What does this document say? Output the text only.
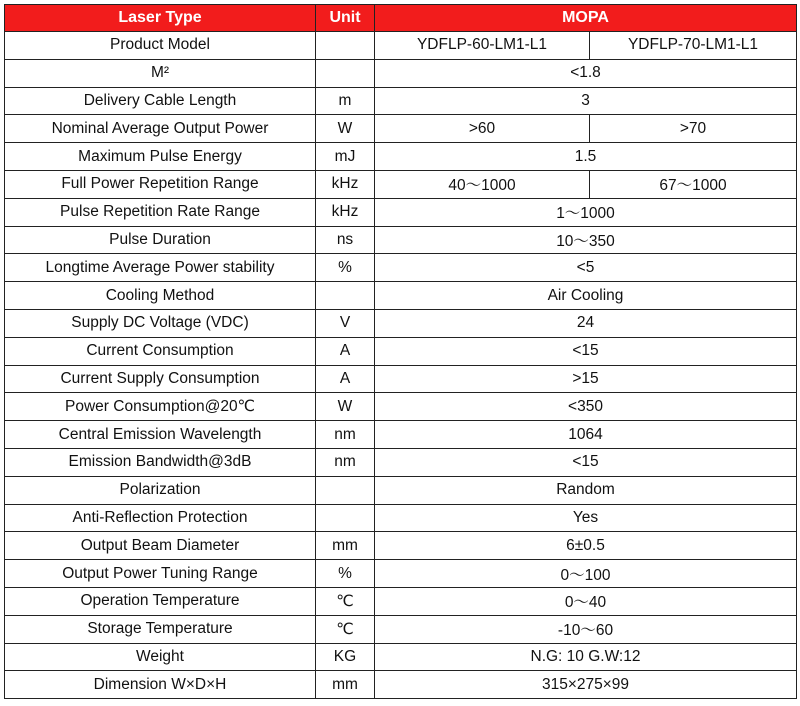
Laser Type	Unit	MOPA	
Product Model		YDFLP-60-LM1-L1	YDFLP-70-LM1-L1
M²		<1.8	
Delivery Cable Length	m	3	
Nominal Average Output Power	W	>60	>70
Maximum Pulse Energy	mJ	1.5	
Full Power Repetition Range	kHz	40～1000	67～1000
Pulse Repetition Rate Range	kHz	1～1000	
Pulse Duration	ns	10～350	
Longtime Average Power stability	%	<5	
Cooling Method		Air Cooling	
Supply DC Voltage (VDC)	V	24	
Current Consumption	A	<15	
Current Supply Consumption	A	>15	
Power Consumption@20℃	W	<350	
Central Emission Wavelength	nm	1064	
Emission Bandwidth@3dB	nm	<15	
Polarization		Random	
Anti-Reflection Protection		Yes	
Output Beam Diameter	mm	6±0.5	
Output Power Tuning Range	%	0～100	
Operation Temperature	℃	0～40	
Storage Temperature	℃	-10～60	
Weight	KG	N.G: 10 G.W:12	
Dimension W×D×H	mm	315×275×99	
